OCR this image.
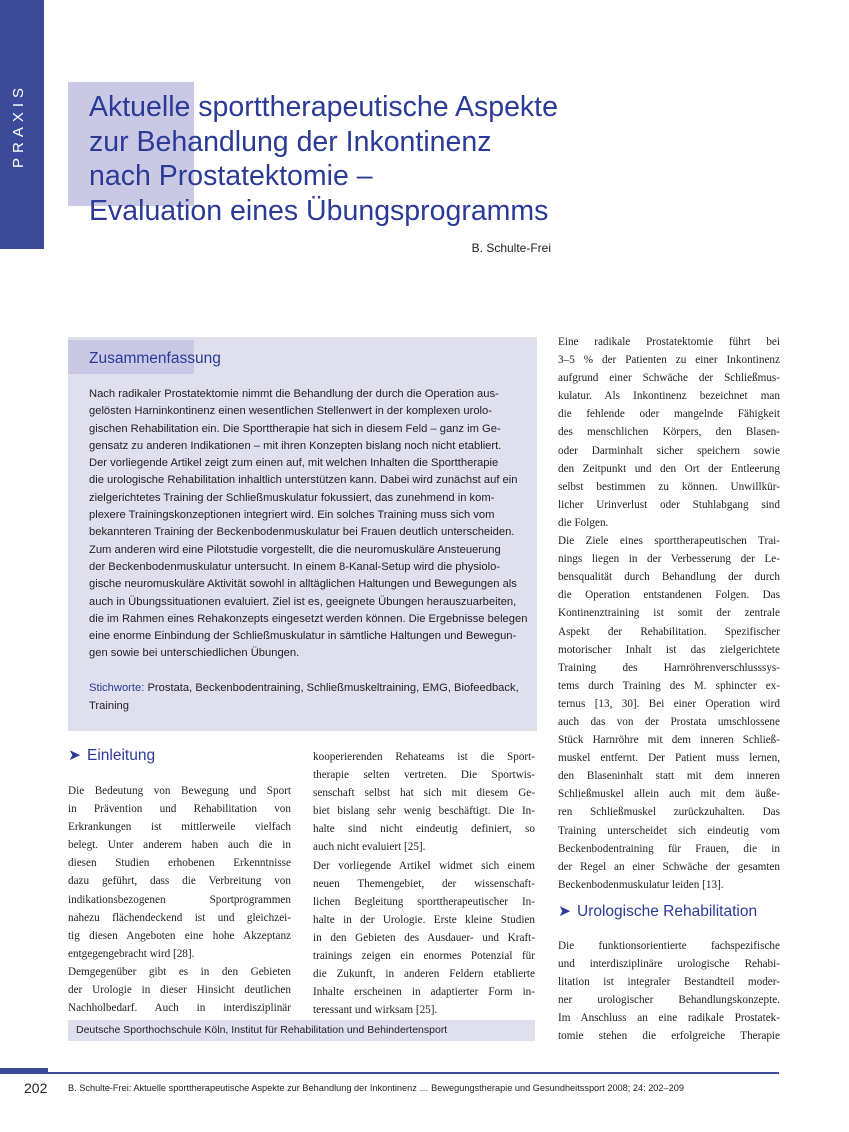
PRAXIS Aktuelle sporttherapeutische Aspekte
zur Behandlung der Inkontinenz
nach Prostatektomie –
Evaluation eines Übungsprogramms
B. Schulte-Frei
Zusammenfassung
Nach radikaler Prostatektomie nimmt die Behandlung der durch die Operation aus-
gelösten Harninkontinenz einen wesentlichen Stellenwert in der komplexen urolo-
gischen Rehabilitation ein. Die Sporttherapie hat sich in diesem Feld – ganz im Ge-
gensatz zu anderen Indikationen – mit ihren Konzepten bislang noch nicht etabliert.
Der vorliegende Artikel zeigt zum einen auf, mit welchen Inhalten die Sporttherapie
die urologische Rehabilitation inhaltlich unterstützen kann. Dabei wird zunächst auf ein
zielgerichtetes Training der Schließmuskulatur fokussiert, das zunehmend in kom-
plexere Trainingskonzeptionen integriert wird. Ein solches Training muss sich vom
bekannteren Training der Beckenbodenmuskulatur bei Frauen deutlich unterscheiden.
Zum anderen wird eine Pilotstudie vorgestellt, die die neuromuskuläre Ansteuerung
der Beckenbodenmuskulatur untersucht. In einem 8-Kanal-Setup wird die physiolo-
gische neuromuskuläre Aktivität sowohl in alltäglichen Haltungen und Bewegungen als
auch in Übungssituationen evaluiert. Ziel ist es, geeignete Übungen herauszuarbeiten,
die im Rahmen eines Rehakonzepts eingesetzt werden können. Die Ergebnisse belegen
eine enorme Einbindung der Schließmuskulatur in sämtliche Haltungen und Bewegun-
gen sowie bei unterschiedlichen Übungen.
Stichworte: Prostata, Beckenbodentraining, Schließmuskeltraining, EMG, Biofeedback,
Training
➤ Einleitung
Die Bedeutung von Bewegung und Sport
in Prävention und Rehabilitation von
Erkrankungen ist mittlerweile vielfach
belegt. Unter anderem haben auch die in
diesen Studien erhobenen Erkenntnisse
dazu geführt, dass die Verbreitung von
indikationsbezogenen Sportprogrammen
nahezu flächendeckend ist und gleichzei-
tig diesen Angeboten eine hohe Akzeptanz
entgegengebracht wird [28].
Demgegenüber gibt es in den Gebieten
der Urologie in dieser Hinsicht deutlichen
Nachholbedarf. Auch in interdisziplinär
kooperierenden Rehateams ist die Sport-
therapie selten vertreten. Die Sportwis-
senschaft selbst hat sich mit diesem Ge-
biet bislang sehr wenig beschäftigt. Die In-
halte sind nicht eindeutig definiert, so
auch nicht evaluiert [25].
Der vorliegende Artikel widmet sich einem
neuen Themengebiet, der wissenschaft-
lichen Begleitung sporttherapeutischer In-
halte in der Urologie. Erste kleine Studien
in den Gebieten des Ausdauer- und Kraft-
trainings zeigen ein enormes Potenzial für
die Zukunft, in anderen Feldern etablierte
Inhalte erscheinen in adaptierter Form in-
teressant und wirksam [25].
Eine radikale Prostatektomie führt bei
3–5 % der Patienten zu einer Inkontinenz
aufgrund einer Schwäche der Schließmus-
kulatur. Als Inkontinenz bezeichnet man
die fehlende oder mangelnde Fähigkeit
des menschlichen Körpers, den Blasen-
oder Darminhalt sicher speichern sowie
den Zeitpunkt und den Ort der Entleerung
selbst bestimmen zu können. Unwillkür-
licher Urinverlust oder Stuhlabgang sind
die Folgen.
Die Ziele eines sporttherapeutischen Trai-
nings liegen in der Verbesserung der Le-
bensqualität durch Behandlung der durch
die Operation entstandenen Folgen. Das
Kontinenztraining ist somit der zentrale
Aspekt der Rehabilitation. Spezifischer
motorischer Inhalt ist das zielgerichtete
Training des Harnröhrenverschlusssys-
tems durch Training des M. sphincter ex-
ternus [13, 30]. Bei einer Operation wird
auch das von der Prostata umschlossene
Stück Harnröhre mit dem inneren Schließ-
muskel entfernt. Der Patient muss lernen,
den Blaseninhalt statt mit dem inneren
Schließmuskel allein auch mit dem äuße-
ren Schließmuskel zurückzuhalten. Das
Training unterscheidet sich eindeutig vom
Beckenbodentraining für Frauen, die in
der Regel an einer Schwäche der gesamten
Beckenbodenmuskulatur leiden [13].
➤ Urologische Rehabilitation
Die funktionsorientierte fachspezifische
und interdisziplinäre urologische Rehabi-
litation ist integraler Bestandteil moder-
ner urologischer Behandlungskonzepte.
Im Anschluss an eine radikale Prostatek-
tomie stehen die erfolgreiche Therapie
Deutsche Sporthochschule Köln, Institut für Rehabilitation und Behindertensport
202 B. Schulte-Frei: Aktuelle sporttherapeutische Aspekte zur Behandlung der Inkontinenz … Bewegungstherapie und Gesundheitssport 2008; 24: 202–209
